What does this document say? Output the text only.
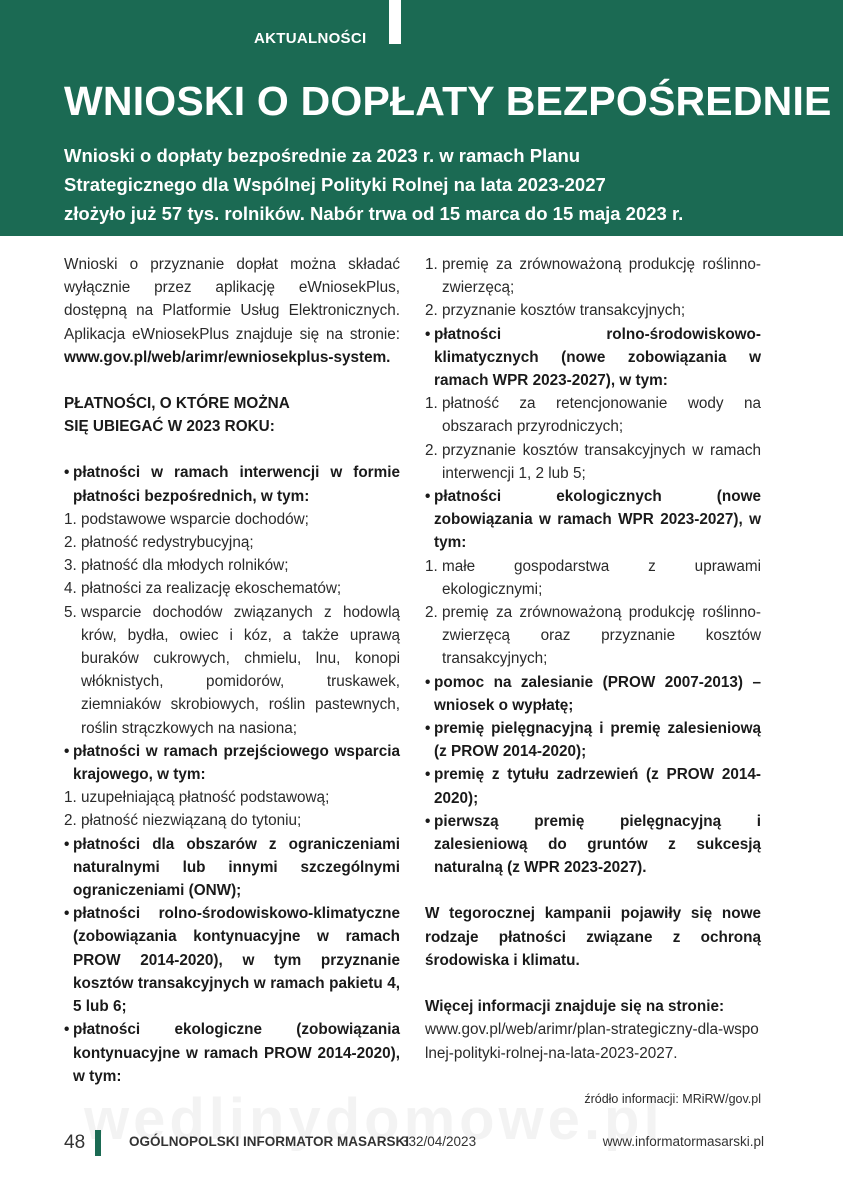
AKTUALNOŚCI
WNIOSKI O DOPŁATY BEZPOŚREDNIE
Wnioski o dopłaty bezpośrednie za 2023 r. w ramach Planu
Strategicznego dla Wspólnej Polityki Rolnej na lata 2023-2027
złożyło już 57 tys. rolników. Nabór trwa od 15 marca do 15 maja 2023 r.

Wnioski o przyznanie dopłat można składać wyłącznie przez aplikację eWniosekPlus, dostępną na Platformie Usług Elektronicznych. Aplikacja eWniosekPlus znajduje się na stronie: www.gov.pl/web/arimr/ewniosekplus-system.

PŁATNOŚCI, O KTÓRE MOŻNA
SIĘ UBIEGAĆ W 2023 ROKU:

• płatności w ramach interwencji w formie płatności bezpośrednich, w tym:
1. podstawowe wsparcie dochodów;
2. płatność redystrybucyjną;
3. płatność dla młodych rolników;
4. płatności za realizację ekoschematów;
5. wsparcie dochodów związanych z hodowlą krów, bydła, owiec i kóz, a także uprawą buraków cukrowych, chmielu, lnu, konopi włóknistych, pomidorów, truskawek, ziemniaków skrobiowych, roślin pastewnych, roślin strączkowych na nasiona;
• płatności w ramach przejściowego wsparcia krajowego, w tym:
1. uzupełniającą płatność podstawową;
2. płatność niezwiązaną do tytoniu;
• płatności dla obszarów z ograniczeniami naturalnymi lub innymi szczególnymi ograniczeniami (ONW);
• płatności rolno-środowiskowo-klimatyczne (zobowiązania kontynuacyjne w ramach PROW 2014-2020), w tym przyznanie kosztów transakcyjnych w ramach pakietu 4, 5 lub 6;
• płatności ekologiczne (zobowiązania kontynuacyjne w ramach PROW 2014-2020), w tym:
1. premię za zrównoważoną produkcję roślinno-zwierzęcą;
2. przyznanie kosztów transakcyjnych;
• płatności rolno-środowiskowo-klimatycznych (nowe zobowiązania w ramach WPR 2023-2027), w tym:
1. płatność za retencjonowanie wody na obszarach przyrodniczych;
2. przyznanie kosztów transakcyjnych w ramach interwencji 1, 2 lub 5;
• płatności ekologicznych (nowe zobowiązania w ramach WPR 2023-2027), w tym:
1. małe gospodarstwa z uprawami ekologicznymi;
2. premię za zrównoważoną produkcję roślinno-zwierzęcą oraz przyznanie kosztów transakcyjnych;
• pomoc na zalesianie (PROW 2007-2013) – wniosek o wypłatę;
• premię pielęgnacyjną i premię zalesieniową (z PROW 2014-2020);
• premię z tytułu zadrzewień (z PROW 2014-2020);
• pierwszą premię pielęgnacyjną i zalesieniową do gruntów z sukcesją naturalną (z WPR 2023-2027).

W tegorocznej kampanii pojawiły się nowe rodzaje płatności związane z ochroną środowiska i klimatu.

Więcej informacji znajduje się na stronie:

www.gov.pl/web/arimr/plan-strategiczny-dla-wspolnej-polityki-rolnej-na-lata-2023-2027.

źródło informacji: MRiRW/gov.pl

48	OGÓLNOPOLSKI INFORMATOR MASARSKI
332/04/2023	www.informatormasarski.pl
